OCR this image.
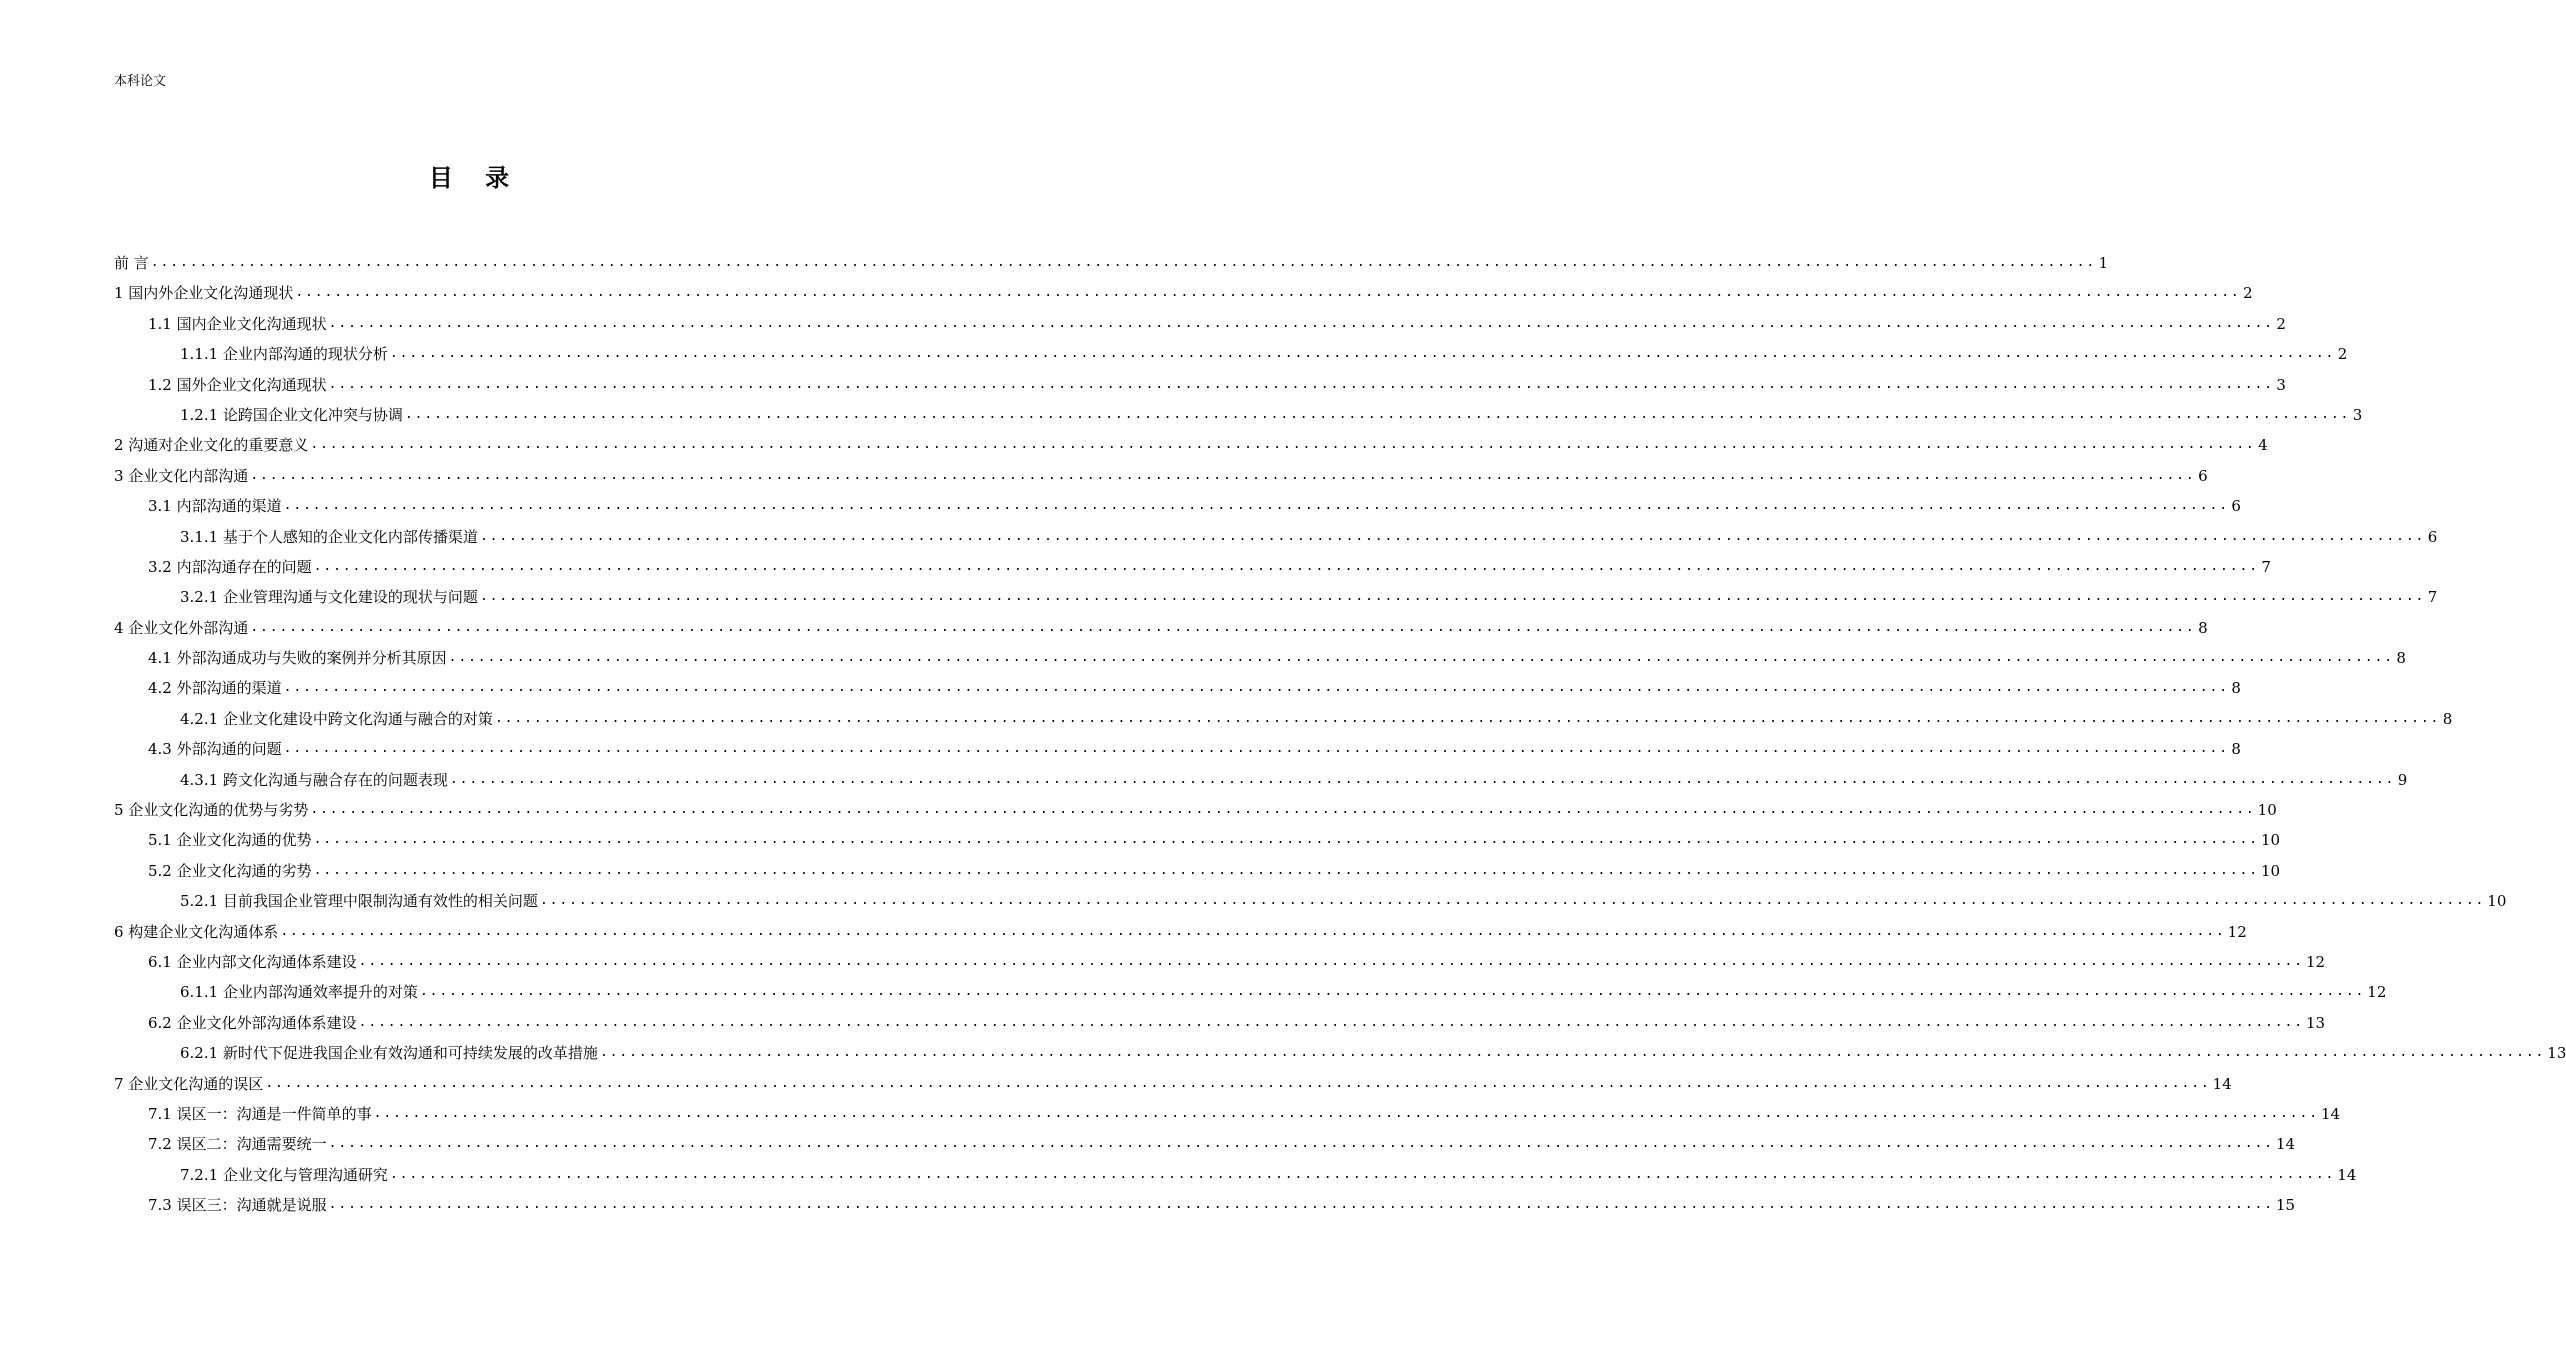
本科论文
目 录
前 言 ........................................................................................................................................................................................................ 1
1 国内外企业文化沟通现状 ........................................................................................................................................................................................................ 2
1.1 国内企业文化沟通现状 ........................................................................................................................................................................................................ 2
1.1.1 企业内部沟通的现状分析 ........................................................................................................................................................................................................ 2
1.2 国外企业文化沟通现状 ........................................................................................................................................................................................................ 3
1.2.1 论跨国企业文化冲突与协调 ........................................................................................................................................................................................................ 3
2 沟通对企业文化的重要意义 ........................................................................................................................................................................................................ 4
3 企业文化内部沟通 ........................................................................................................................................................................................................ 6
3.1 内部沟通的渠道 ........................................................................................................................................................................................................ 6
3.1.1 基于个人感知的企业文化内部传播渠道 ........................................................................................................................................................................................................ 6
3.2 内部沟通存在的问题 ........................................................................................................................................................................................................ 7
3.2.1 企业管理沟通与文化建设的现状与问题 ........................................................................................................................................................................................................ 7
4 企业文化外部沟通 ........................................................................................................................................................................................................ 8
4.1 外部沟通成功与失败的案例并分析其原因 ........................................................................................................................................................................................................ 8
4.2 外部沟通的渠道 ........................................................................................................................................................................................................ 8
4.2.1 企业文化建设中跨文化沟通与融合的对策 ........................................................................................................................................................................................................ 8
4.3 外部沟通的问题 ........................................................................................................................................................................................................ 8
4.3.1 跨文化沟通与融合存在的问题表现 ........................................................................................................................................................................................................ 9
5 企业文化沟通的优势与劣势 ........................................................................................................................................................................................................ 10
5.1 企业文化沟通的优势 ........................................................................................................................................................................................................ 10
5.2 企业文化沟通的劣势 ........................................................................................................................................................................................................ 10
5.2.1 目前我国企业管理中限制沟通有效性的相关问题 ........................................................................................................................................................................................................ 10
6 构建企业文化沟通体系 ........................................................................................................................................................................................................ 12
6.1 企业内部文化沟通体系建设 ........................................................................................................................................................................................................ 12
6.1.1 企业内部沟通效率提升的对策 ........................................................................................................................................................................................................ 12
6.2 企业文化外部沟通体系建设 ........................................................................................................................................................................................................ 13
6.2.1 新时代下促进我国企业有效沟通和可持续发展的改革措施 ........................................................................................................................................................................................................ 13
7 企业文化沟通的误区 ........................................................................................................................................................................................................ 14
7.1 误区一：沟通是一件简单的事 ........................................................................................................................................................................................................ 14
7.2 误区二：沟通需要统一 ........................................................................................................................................................................................................ 14
7.2.1 企业文化与管理沟通研究 ........................................................................................................................................................................................................ 14
7.3 误区三：沟通就是说服 ........................................................................................................................................................................................................ 15
